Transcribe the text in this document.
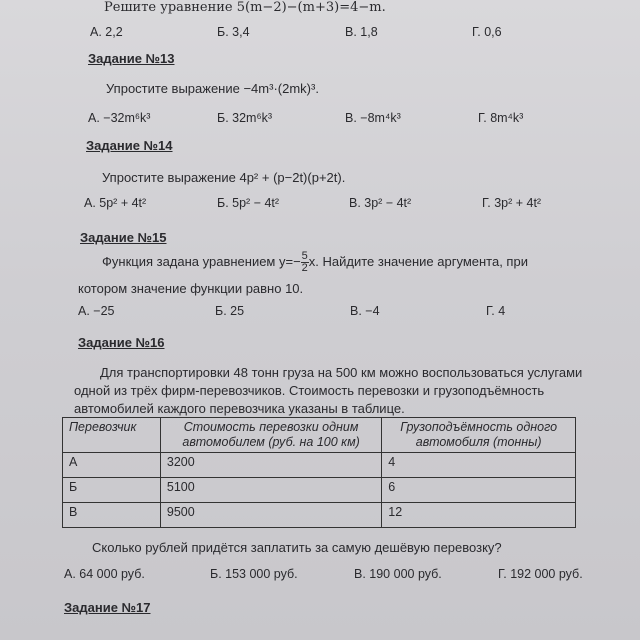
Решите уравнение 5(m−2)−(m+3)=4−m.
А. 2,2	Б. 3,4	В. 1,8	Г. 0,6
Задание №13
Упростите выражение −4m³·(2mk)³.
А. −32m⁶k³	Б. 32m⁶k³	В. −8m⁴k³	Г. 8m⁴k³
Задание №14
Упростите выражение 4p² + (p−2t)(p+2t).
А. 5p² + 4t²	Б. 5p² − 4t²	В. 3p² − 4t²	Г. 3p² + 4t²
Задание №15
Функция задана уравнением $y=- \frac{5}{2} x$. Найдите значение аргумента, при
котором значение функции равно 10.
А. −25	Б. 25	В. −4	Г. 4
Задание №16
Для транспортировки 48 тонн груза на 500 км можно воспользоваться услугами
одной из трёх фирм-перевозчиков. Стоимость перевозки и грузоподъёмность
автомобилей каждого перевозчика указаны в таблице.
Перевозчик	Стоимость перевозки одним автомобилем (руб. на 100 км)	Грузоподъёмность одного автомобиля (тонны)
А	3200	4
Б	5100	6
В	9500	12
Сколько рублей придётся заплатить за самую дешёвую перевозку?
А. 64 000 руб.	Б. 153 000 руб.	В. 190 000 руб.	Г. 192 000 руб.
Задание №17
